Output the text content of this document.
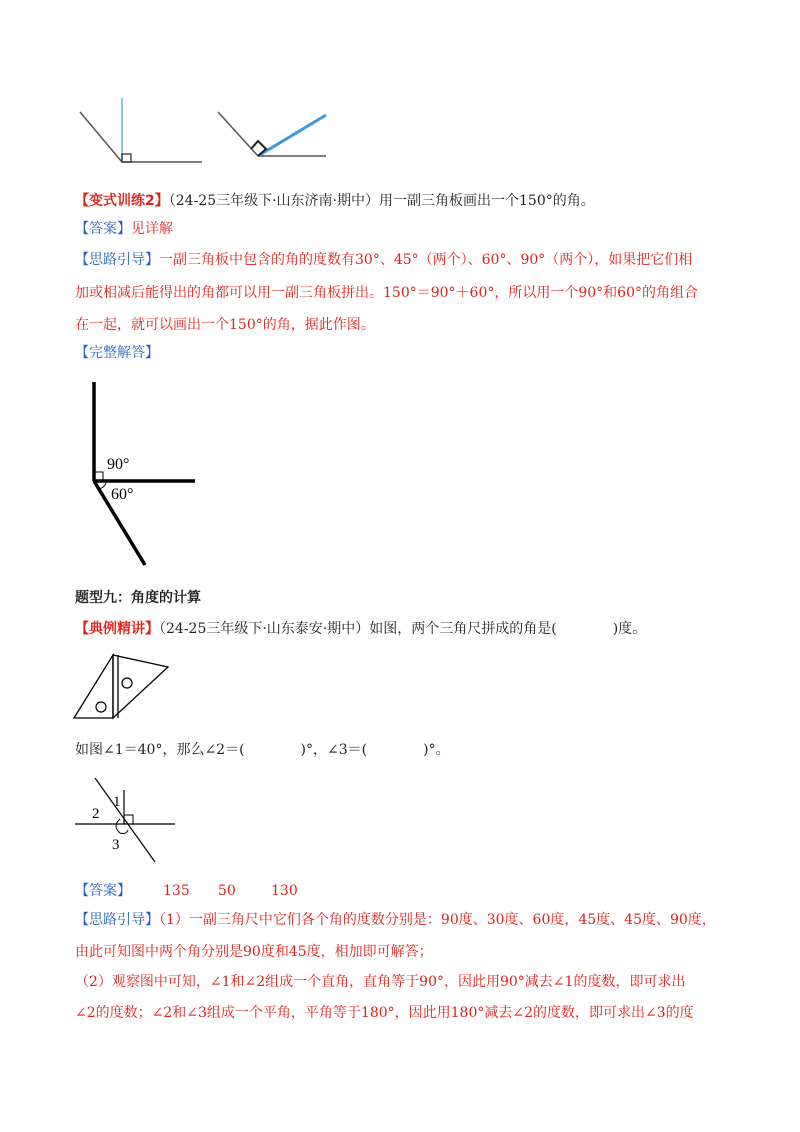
【变式训练2】（24-25三年级下·山东济南·期中）用一副三角板画出一个150°的角。
【答案】见详解
【思路引导】一副三角板中包含的角的度数有30°、45°（两个）、60°、90°（两个），如果把它们相
加或相减后能得出的角都可以用一副三角板拼出。150°＝90°＋60°，所以用一个90°和60°的角组合
在一起，就可以画出一个150°的角，据此作图。
【完整解答】
90°
60°
题型九：角度的计算
【典例精讲】（24-25三年级下·山东泰安·期中）如图，两个三角尺拼成的角是(　　　　)度。
如图∠1＝40°，那么∠2＝(　　　　)°，∠3＝(　　　　)°。
1
2
3
【答案】 135 50	130
【思路引导】（1）一副三角尺中它们各个角的度数分别是：90度、30度、60度，45度、45度、90度，
由此可知图中两个角分别是90度和45度，相加即可解答；
（2）观察图中可知，∠1和∠2组成一个直角，直角等于90°，因此用90°减去∠1的度数，即可求出
∠2的度数；∠2和∠3组成一个平角，平角等于180°，因此用180°减去∠2的度数，即可求出∠3的度
